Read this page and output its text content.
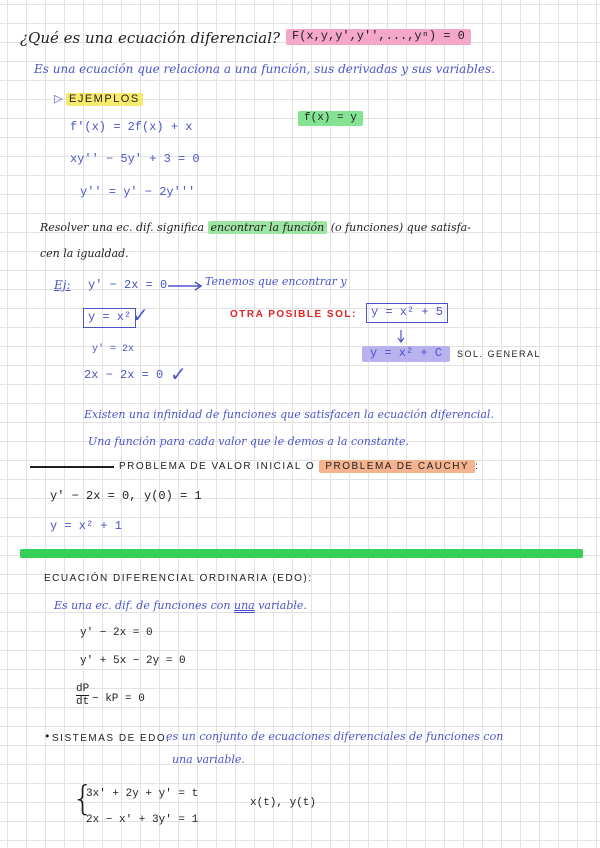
¿Qué es una ecuación diferencial? F(x,y,y',y'',...,yⁿ) = 0
Es una ecuación que relaciona a una función, sus derivadas y sus variables.
▷ EJEMPLOS
f(x) = y
f'(x) = 2f(x) + x
xy'' − 5y' + 3 = 0
y'' = y' − 2y'''
Resolver una ec. dif. significa encontrar la función (o funciones) que satisfa-
cen la igualdad.
Ej: y' − 2x = 0	Tenemos que encontrar y
y = x² ✓	OTRA POSIBLE SOL:	y = x² + 5
y' = 2x	y = x² + C	SOL. GENERAL
2x − 2x = 0 ✓
Existen una infinidad de funciones que satisfacen la ecuación diferencial.
Una función para cada valor que le demos a la constante.
PROBLEMA DE VALOR INICIAL O PROBLEMA DE CAUCHY :
y' − 2x = 0, y(0) = 1
y = x² + 1
ECUACIÓN DIFERENCIAL ORDINARIA (EDO):
Es una ec. dif. de funciones con una variable.
y' − 2x = 0
y' + 5x − 2y = 0
$\frac{dP}{dt}$ − kP = 0
• SISTEMAS DE EDO:
es un conjunto de ecuaciones diferenciales de funciones con
una variable.
{
3x' + 2y + y' = t
2x − x' + 3y' = 1
x(t), y(t)
